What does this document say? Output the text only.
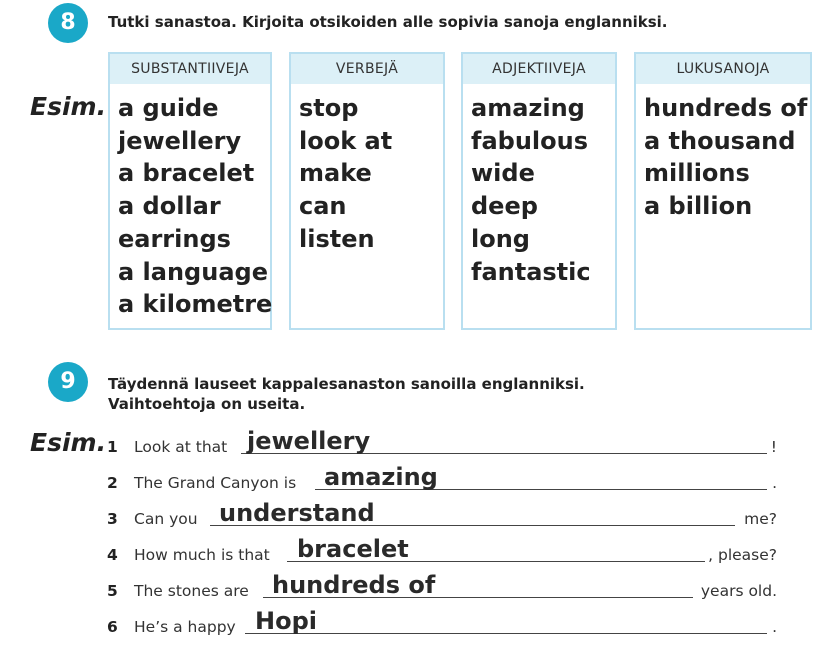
8	Tutki sanastoa. Kirjoita otsikoiden alle sopivia sanoja englanniksi.
Esim.
SUBSTANTIIVEJA
a guide
jewellery
a bracelet
a dollar
earrings
a language
a kilometre
VERBEJÄ
stop
look at
make
can
listen
ADJEKTIIVEJA
amazing
fabulous
wide
deep
long
fantastic
LUKUSANOJA
hundreds of
a thousand
millions
a billion
9	Täydennä lauseet kappalesanaston sanoilla englanniksi.
Vaihtoehtoja on useita.
Esim. 1 Look at that jewellery	!
2 The Grand Canyon is amazing	.
3 Can you understand	me?
4 How much is that bracelet	, please?
5 The stones are hundreds of	years old.
6 He’s a happy Hopi	.
